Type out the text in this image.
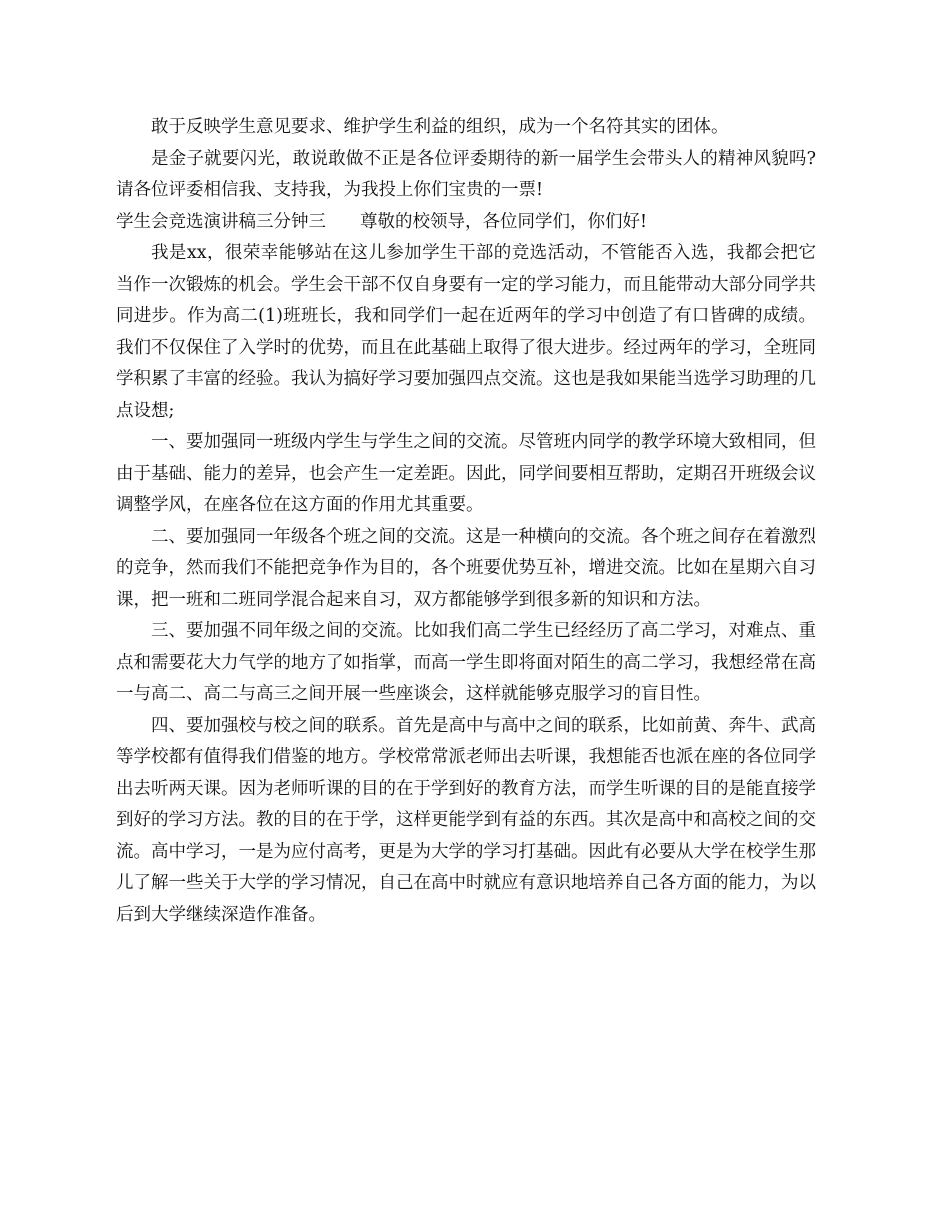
敢于反映学生意见要求、维护学生利益的组织，成为一个名符其实的团体。

是金子就要闪光，敢说敢做不正是各位评委期待的新一届学生会带头人的精神风貌吗?请各位评委相信我、支持我，为我投上你们宝贵的一票!

学生会竞选演讲稿三分钟三 尊敬的校领导，各位同学们，你们好!

我是xx，很荣幸能够站在这儿参加学生干部的竞选活动，不管能否入选，我都会把它当作一次锻炼的机会。学生会干部不仅自身要有一定的学习能力，而且能带动大部分同学共同进步。作为高二(1)班班长，我和同学们一起在近两年的学习中创造了有口皆碑的成绩。我们不仅保住了入学时的优势，而且在此基础上取得了很大进步。经过两年的学习，全班同学积累了丰富的经验。我认为搞好学习要加强四点交流。这也是我如果能当选学习助理的几点设想;

一、要加强同一班级内学生与学生之间的交流。尽管班内同学的教学环境大致相同，但由于基础、能力的差异，也会产生一定差距。因此，同学间要相互帮助，定期召开班级会议调整学风，在座各位在这方面的作用尤其重要。

二、要加强同一年级各个班之间的交流。这是一种横向的交流。各个班之间存在着激烈的竞争，然而我们不能把竞争作为目的，各个班要优势互补，增进交流。比如在星期六自习课，把一班和二班同学混合起来自习，双方都能够学到很多新的知识和方法。

三、要加强不同年级之间的交流。比如我们高二学生已经经历了高二学习，对难点、重点和需要花大力气学的地方了如指掌，而高一学生即将面对陌生的高二学习，我想经常在高一与高二、高二与高三之间开展一些座谈会，这样就能够克服学习的盲目性。

四、要加强校与校之间的联系。首先是高中与高中之间的联系，比如前黄、奔牛、武高等学校都有值得我们借鉴的地方。学校常常派老师出去听课，我想能否也派在座的各位同学出去听两天课。因为老师听课的目的在于学到好的教育方法，而学生听课的目的是能直接学到好的学习方法。教的目的在于学，这样更能学到有益的东西。其次是高中和高校之间的交流。高中学习，一是为应付高考，更是为大学的学习打基础。因此有必要从大学在校学生那儿了解一些关于大学的学习情况，自己在高中时就应有意识地培养自己各方面的能力，为以后到大学继续深造作准备。
